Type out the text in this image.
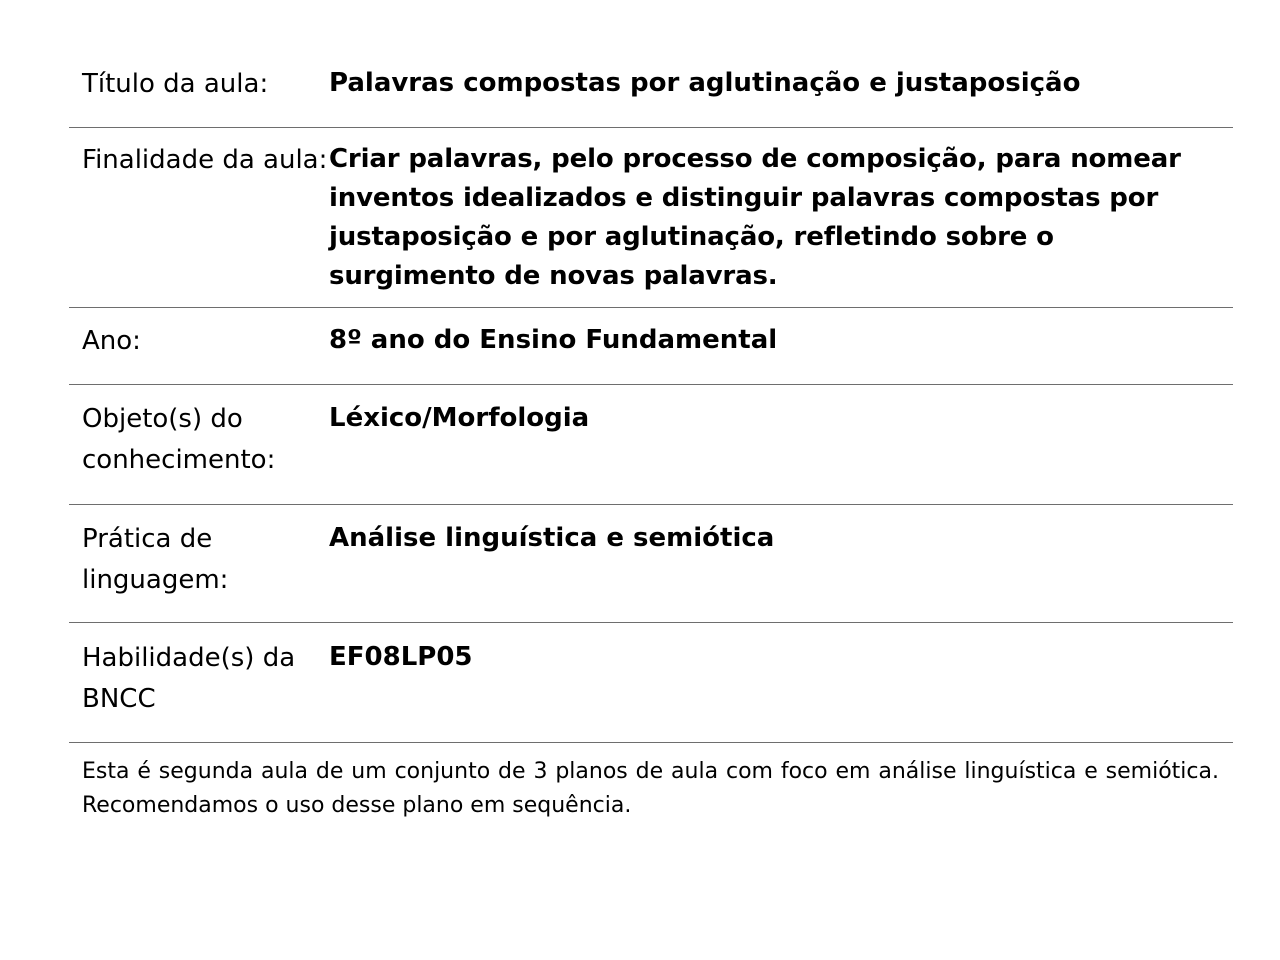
Título da aula:	Palavras compostas por aglutinação e justaposição
Finalidade da aula: Criar palavras, pelo processo de composição, para nomear inventos idealizados e distinguir palavras compostas por justaposição e por aglutinação, refletindo sobre o surgimento de novas palavras.
Ano:	8º ano do Ensino Fundamental
Objeto(s) do conhecimento:
Léxico/Morfologia
Prática de linguagem:
Análise linguística e semiótica
Habilidade(s) da BNCC
EF08LP05
Esta é segunda aula de um conjunto de 3 planos de aula com foco em análise linguística e semiótica. Recomendamos o uso desse plano em sequência.
